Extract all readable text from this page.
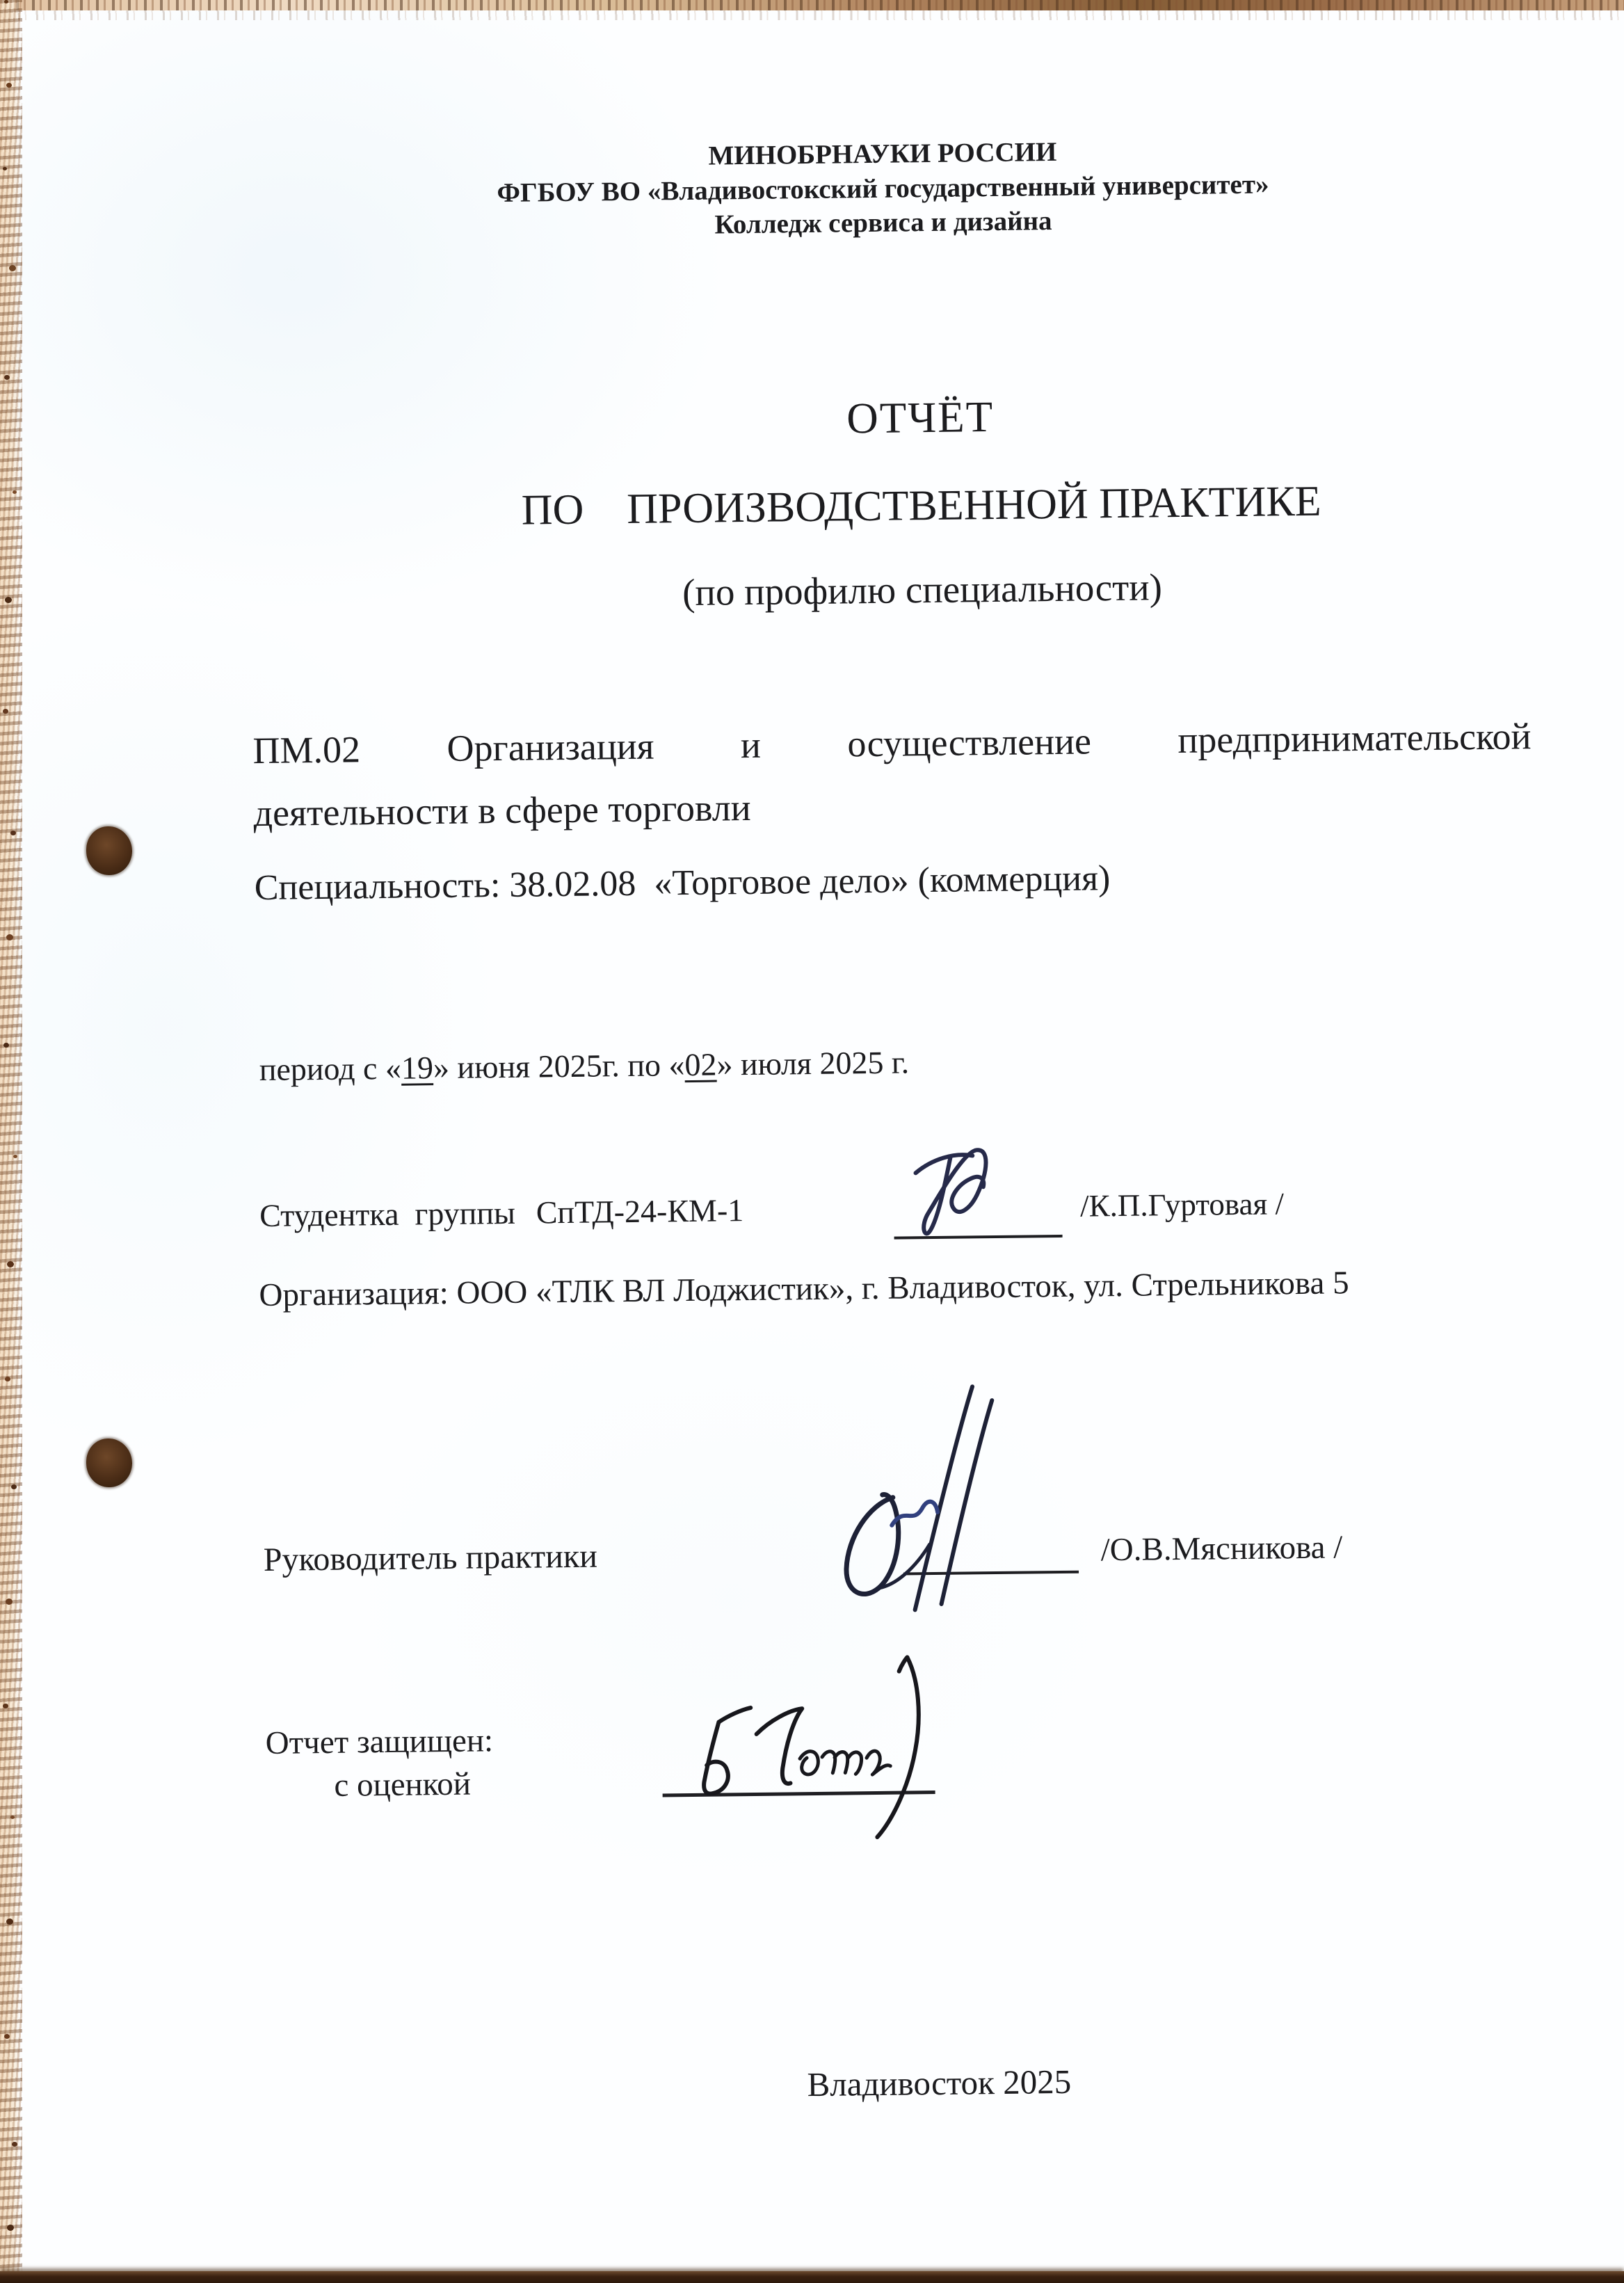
МИНОБРНАУКИ РОССИИ
ФГБОУ ВО «Владивостокский государственный университет»
Колледж сервиса и дизайна
ОТЧЁТ
ПО    ПРОИЗВОДСТВЕННОЙ ПРАКТИКЕ
(по профилю специальности)
ПМ.02 Организация и осуществление предпринимательской
деятельности в сфере торговли
Специальность: 38.02.08  «Торговое дело» (коммерция)
период с «19» июня 2025г. по «02» июля 2025 г.
Студентка  группы СпТД-24-КМ-1	/К.П.Гуртовая /
Организация: ООО «ТЛК ВЛ Лоджистик», г. Владивосток, ул. Стрельникова 5
Руководитель практики	/О.В.Мясникова /
Отчет защищен:
с оценкой
Владивосток 2025
